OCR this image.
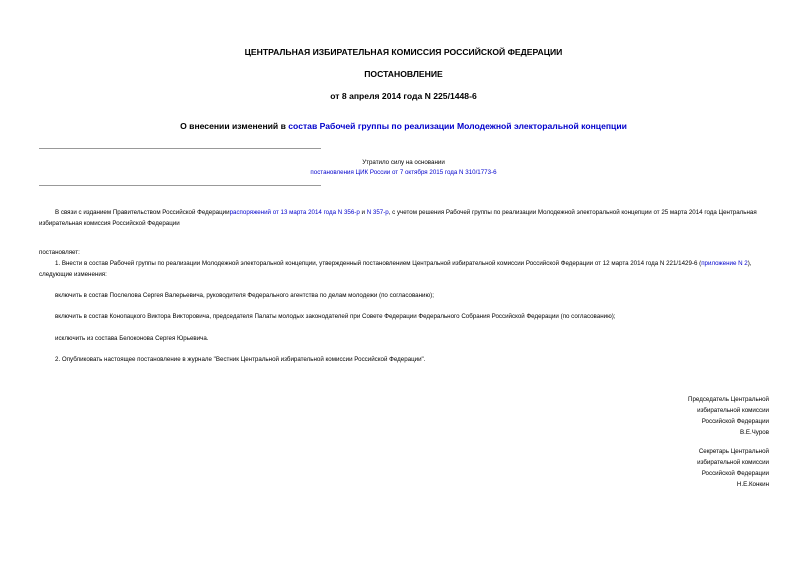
ЦЕНТРАЛЬНАЯ ИЗБИРАТЕЛЬНАЯ КОМИССИЯ РОССИЙСКОЙ ФЕДЕРАЦИИ
ПОСТАНОВЛЕНИЕ
от 8 апреля 2014 года N 225/1448-6
О внесении изменений в состав Рабочей группы по реализации Молодежной электоральной концепции
Утратило силу на основании
постановления ЦИК России от 7 октября 2015 года N 310/1773-6
В связи с изданием Правительством Российской Федерациираспоряжений от 13 марта 2014 года N 356-р и N 357-р, с учетом решения Рабочей группы по реализации Молодежной электоральной концепции от 25 марта 2014 года Центральная избирательная комиссия Российской Федерации
постановляет:
1. Внести в состав Рабочей группы по реализации Молодежной электоральной концепции, утвержденный постановлением Центральной избирательной комиссии Российской Федерации от 12 марта 2014 года N 221/1429-6 (приложение N 2), следующие изменения:
включить в состав Послелова Сергея Валерьевича, руководителя Федерального агентства по делам молодежи (по согласованию);
включить в состав Конопацкого Виктора Викторовича, председателя Палаты молодых законодателей при Совете Федерации Федерального Собрания Российской Федерации (по согласованию);
исключить из состава Белоконова Сергея Юрьевича.
2. Опубликовать настоящее постановление в журнале "Вестник Центральной избирательной комиссии Российской Федерации".
Председатель Центральной
избирательной комиссии
Российской Федерации
В.Е.Чуров
Секретарь Центральной
избирательной комиссии
Российской Федерации
Н.Е.Конкин
